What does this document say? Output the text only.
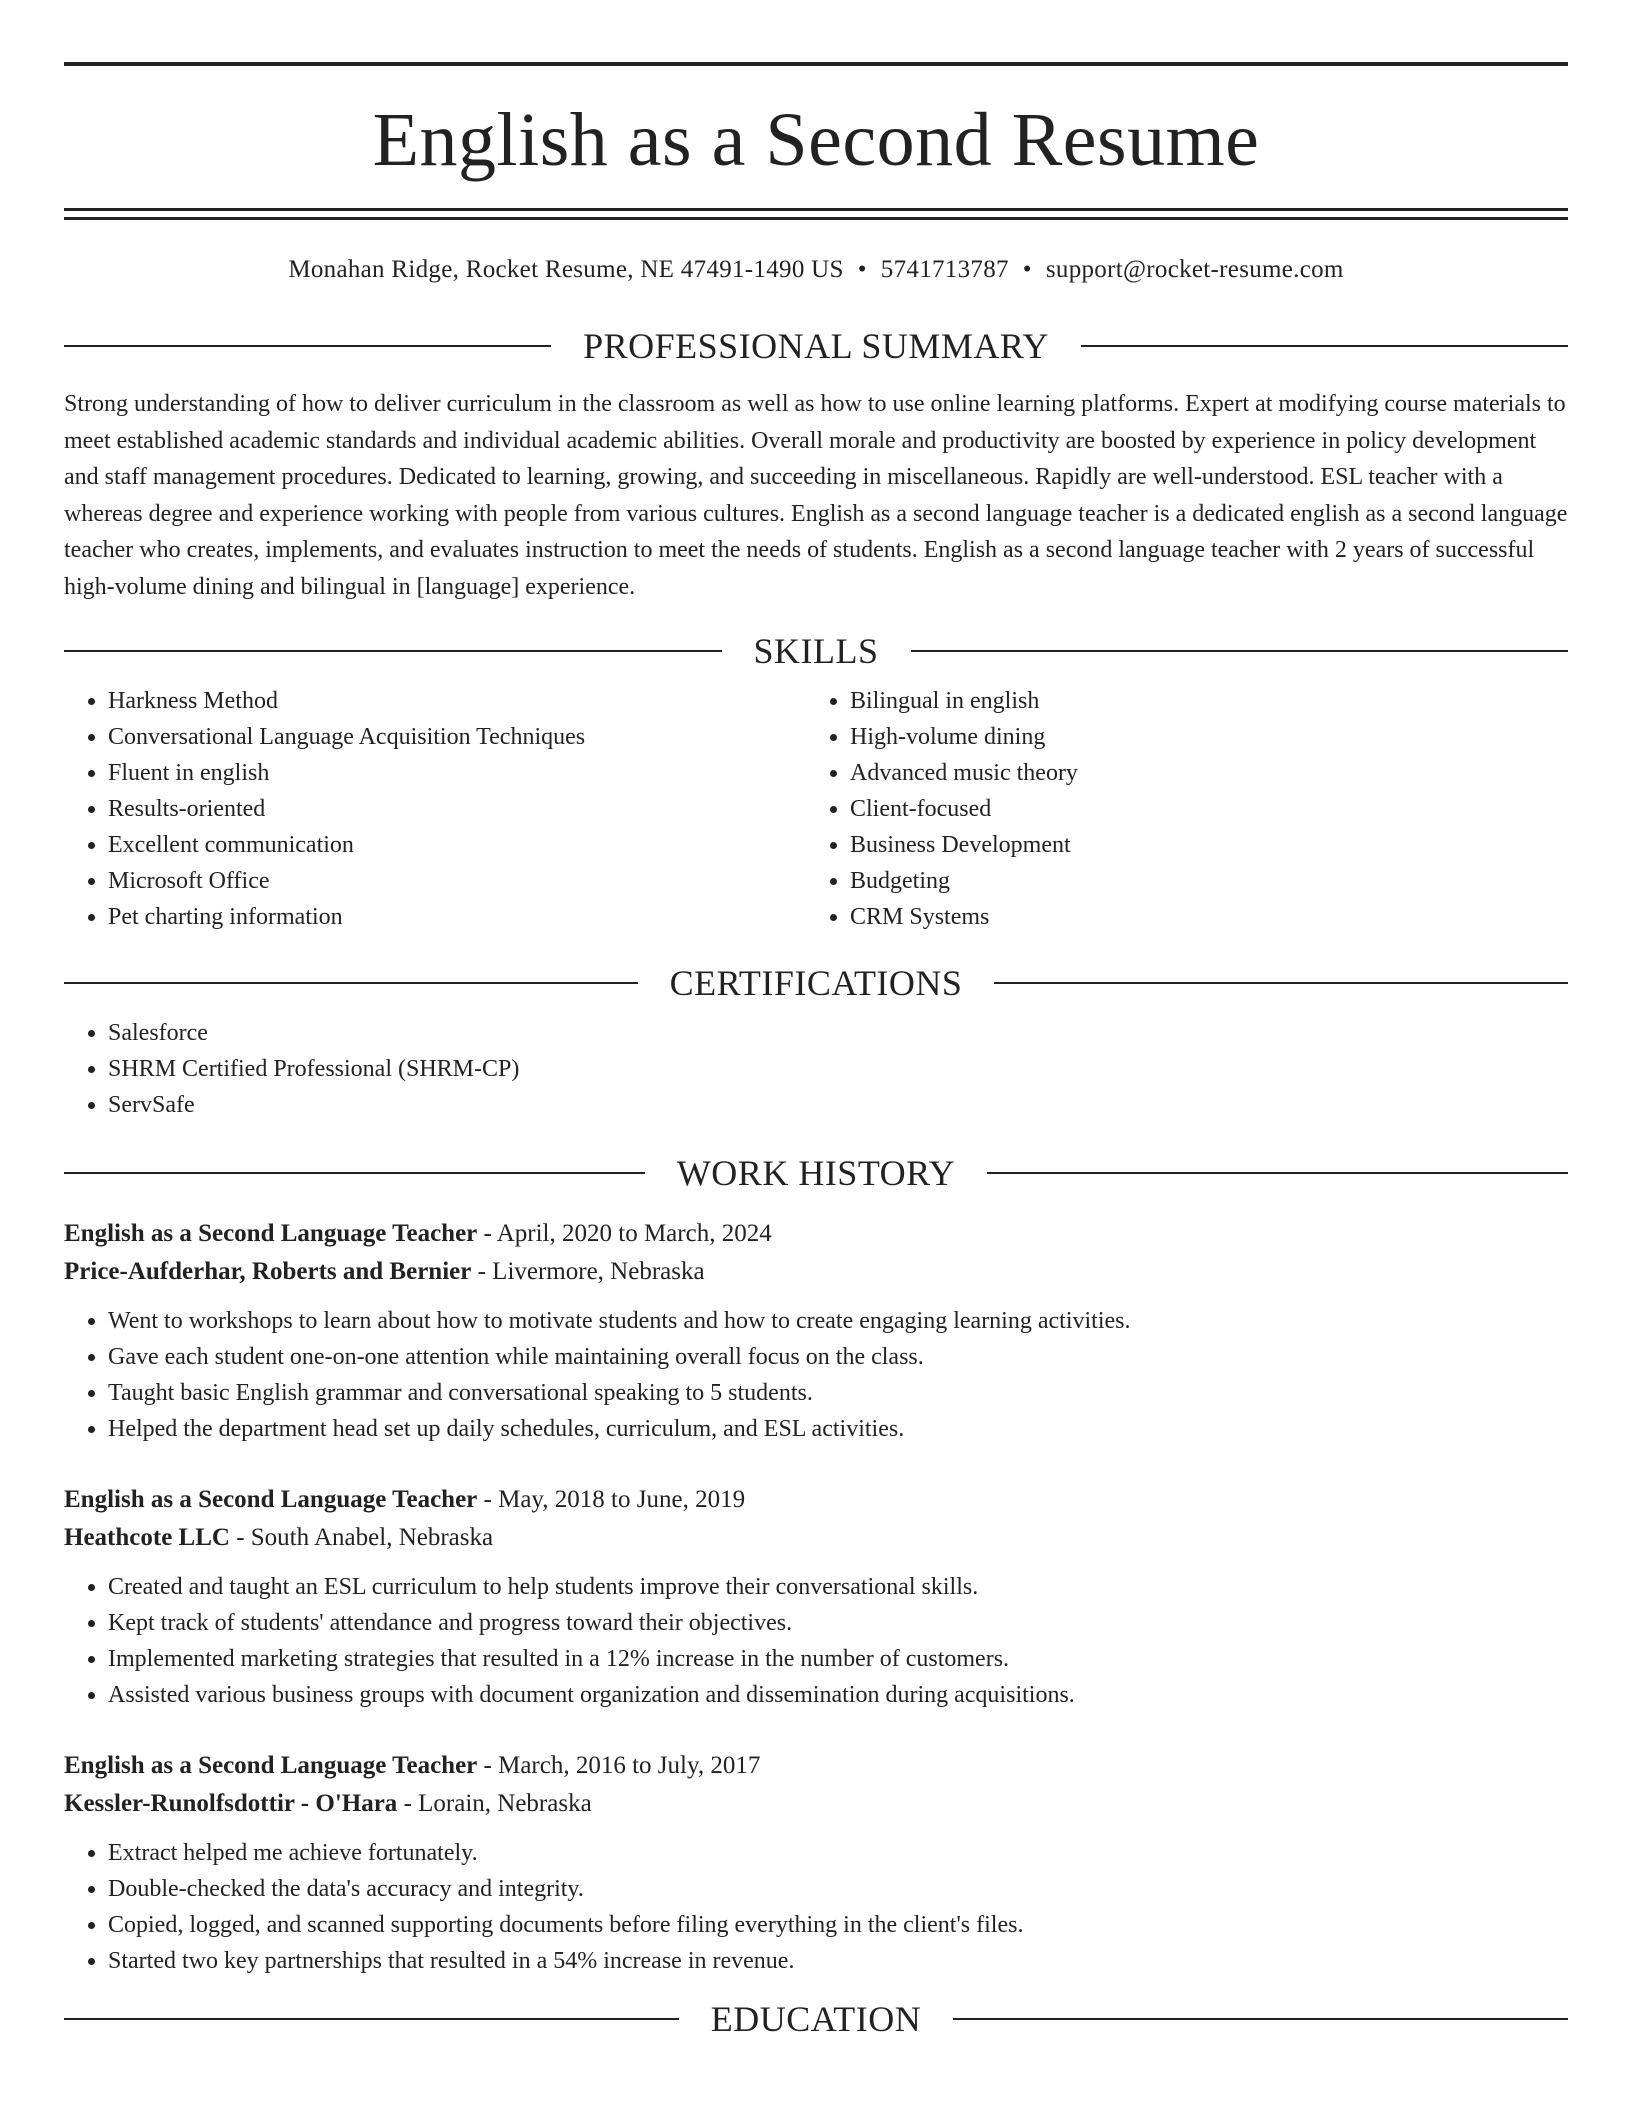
English as a Second Resume
Monahan Ridge, Rocket Resume, NE 47491-1490 US • 5741713787 • support@rocket-resume.com
PROFESSIONAL SUMMARY

Strong understanding of how to deliver curriculum in the classroom as well as how to use online learning platforms. Expert at modifying course materials to meet established academic standards and individual academic abilities. Overall morale and productivity are boosted by experience in policy development and staff management procedures. Dedicated to learning, growing, and succeeding in miscellaneous. Rapidly are well-understood. ESL teacher with a whereas degree and experience working with people from various cultures. English as a second language teacher is a dedicated english as a second language teacher who creates, implements, and evaluates instruction to meet the needs of students. English as a second language teacher with 2 years of successful high-volume dining and bilingual in [language] experience.

SKILLS
• Harkness Method
• Conversational Language Acquisition Techniques
• Fluent in english
• Results-oriented
• Excellent communication
• Microsoft Office
• Pet charting information
• Bilingual in english
• High-volume dining
• Advanced music theory
• Client-focused
• Business Development
• Budgeting
• CRM Systems
CERTIFICATIONS
• Salesforce
• SHRM Certified Professional (SHRM-CP)
• ServSafe
WORK HISTORY
English as a Second Language Teacher - April, 2020 to March, 2024
Price-Aufderhar, Roberts and Bernier - Livermore, Nebraska
• Went to workshops to learn about how to motivate students and how to create engaging learning activities.
• Gave each student one-on-one attention while maintaining overall focus on the class.
• Taught basic English grammar and conversational speaking to 5 students.
• Helped the department head set up daily schedules, curriculum, and ESL activities.
English as a Second Language Teacher - May, 2018 to June, 2019
Heathcote LLC - South Anabel, Nebraska
• Created and taught an ESL curriculum to help students improve their conversational skills.
• Kept track of students' attendance and progress toward their objectives.
• Implemented marketing strategies that resulted in a 12% increase in the number of customers.
• Assisted various business groups with document organization and dissemination during acquisitions.
English as a Second Language Teacher - March, 2016 to July, 2017
Kessler-Runolfsdottir - O'Hara - Lorain, Nebraska
• Extract helped me achieve fortunately.
• Double-checked the data's accuracy and integrity.
• Copied, logged, and scanned supporting documents before filing everything in the client's files.
• Started two key partnerships that resulted in a 54% increase in revenue.
EDUCATION
